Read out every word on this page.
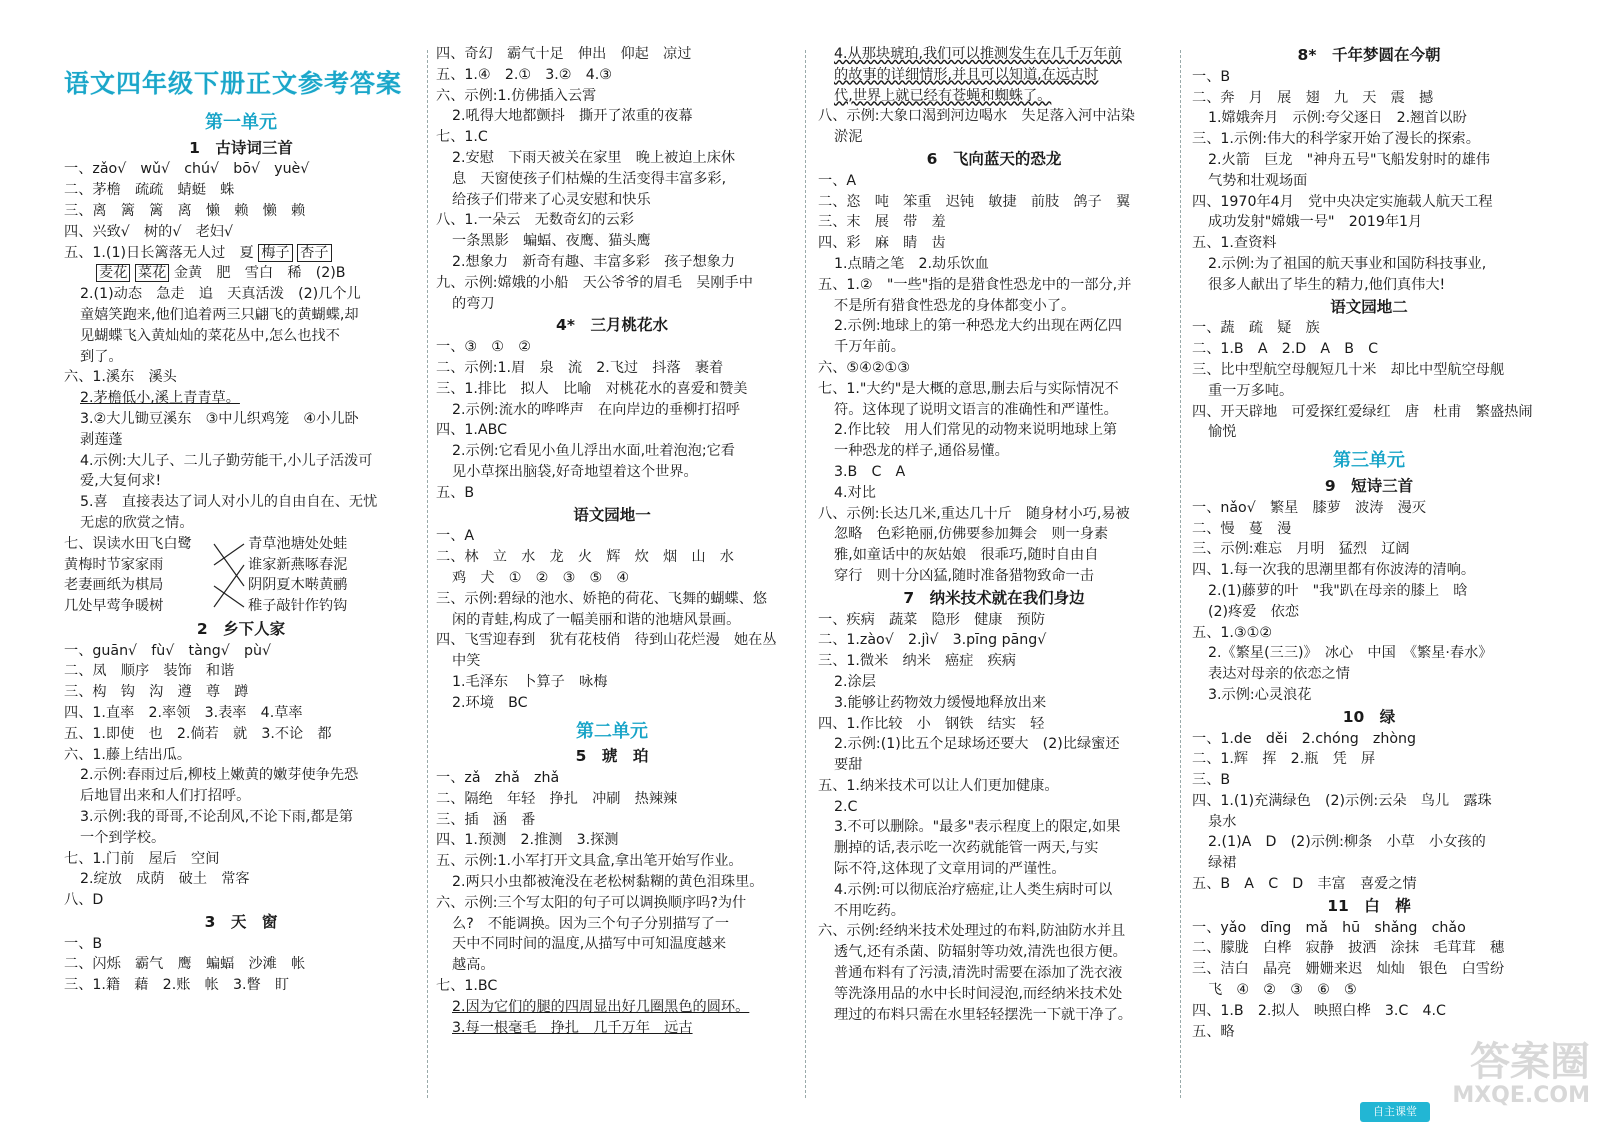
语文四年级下册正文参考答案
第一单元
1　古诗词三首
一、zǎo√　wǔ√　chú√　bō√　yuè√
二、茅檐　疏疏　蜻蜓　蛛
三、离　篱　篱　离　懒　赖　懒　赖
四、兴致√　树的√　老妇√
五、1.(1)日长篱落无人过　夏 梅子 杏子
麦花 菜花 金黄　肥　雪白　稀　(2)B
2.(1)动态　急走　追　天真活泼　(2)几个儿
童嬉笑跑来,他们追着两三只翩飞的黄蝴蝶,却
见蝴蝶飞入黄灿灿的菜花丛中,怎么也找不
到了。
六、1.溪东　溪头
2.茅檐低小,溪上青青草。
3.②大儿锄豆溪东　③中儿织鸡笼　④小儿卧
剥莲蓬
4.示例:大儿子、二儿子勤劳能干,小儿子活泼可
爱,大复何求!
5.喜　直接表达了词人对小儿的自由自在、无忧
无虑的欣赏之情。
七、误读水田飞白鹭
黄梅时节家家雨
老妻画纸为棋局
几处早莺争暖树
青草池塘处处蛙
谁家新燕啄春泥
阴阴夏木啭黄鹂
稚子敲针作钓钩
2　乡下人家
一、guān√　fù√　tàng√　pù√
二、凤　顺序　装饰　和谐
三、构　钩　沟　遵　尊　蹲
四、1.直率　2.率领　3.表率　4.草率
五、1.即使　也　2.倘若　就　3.不论　都
六、1.藤上结出瓜。
2.示例:春雨过后,柳枝上嫩黄的嫩芽使争先恐
后地冒出来和人们打招呼。
3.示例:我的哥哥,不论刮风,不论下雨,都是第
一个到学校。
七、1.门前　屋后　空间
2.绽放　成荫　破土　常客
八、D
3　天　窗
一、B
二、闪烁　霸气　鹰　蝙蝠　沙滩　帐
三、1.籍　藉　2.账　帐　3.瞥　盯
四、奇幻　霸气十足　伸出　仰起　凉过
五、1.④　2.①　3.②　4.③
六、示例:1.仿佛插入云霄
2.吼得大地都颤抖　撕开了浓重的夜幕
七、1.C
2.安慰　下雨天被关在家里　晚上被迫上床休
息　天窗使孩子们枯燥的生活变得丰富多彩,
给孩子们带来了心灵安慰和快乐
八、1.一朵云　无数奇幻的云彩
一条黑影　蝙蝠、夜鹰、猫头鹰
2.想象力　新奇有趣、丰富多彩　孩子想象力
九、示例:嫦娥的小船　天公爷爷的眉毛　吴刚手中
的弯刀
4*　三月桃花水
一、③　①　②
二、示例:1.眉　泉　流　2.飞过　抖落　裹着
三、1.排比　拟人　比喻　对桃花水的喜爱和赞美
2.示例:流水的哗哗声　在向岸边的垂柳打招呼
四、1.ABC
2.示例:它看见小鱼儿浮出水面,吐着泡泡;它看
见小草探出脑袋,好奇地望着这个世界。
五、B
语文园地一
一、A
二、林　立　水　龙　火　辉　炊　烟　山　水
鸡　犬　①　②　③　⑤　④
三、示例:碧绿的池水、娇艳的荷花、飞舞的蝴蝶、悠
闲的青蛙,构成了一幅美丽和谐的池塘风景画。
四、飞雪迎春到　犹有花枝俏　待到山花烂漫　她在丛
中笑
1.毛泽东　卜算子　咏梅
2.环境　BC
第二单元
5　琥　珀
一、zǎ　zhǎ　zhǎ
二、隔绝　年轻　挣扎　冲刷　热辣辣
三、插　涵　番
四、1.预测　2.推测　3.探测
五、示例:1.小军打开文具盒,拿出笔开始写作业。
2.两只小虫都被淹没在老松树黏糊的黄色泪珠里。
六、示例:三个写太阳的句子可以调换顺序吗?为什
么?　不能调换。因为三个句子分别描写了一
天中不同时间的温度,从描写中可知温度越来
越高。
七、1.BC
2.因为它们的腿的四周显出好几圈黑色的圆环。
3.每一根毫毛　挣扎　几千万年　远古
4.从那块琥珀,我们可以推测发生在几千万年前
的故事的详细情形,并且可以知道,在远古时
代,世界上就已经有苍蝇和蜘蛛了。
八、示例:大象口渴到河边喝水　失足落入河中沾染
淤泥
6　飞向蓝天的恐龙
一、A
二、恣　吨　笨重　迟钝　敏捷　前肢　鸽子　翼
三、末　展　带　羞
四、彩　麻　睛　齿
1.点睛之笔　2.劫乐饮血
五、1.②　"一些"指的是猎食性恐龙中的一部分,并
不是所有猎食性恐龙的身体都变小了。
2.示例:地球上的第一种恐龙大约出现在两亿四
千万年前。
六、⑤④②①③
七、1."大约"是大概的意思,删去后与实际情况不
符。这体现了说明文语言的准确性和严谨性。
2.作比较　用人们常见的动物来说明地球上第
一种恐龙的样子,通俗易懂。
3.B　C　A
4.对比
八、示例:长达几米,重达几十斤　随身材小巧,易被
忽略　色彩艳丽,仿佛要参加舞会　则一身素
雅,如童话中的灰姑娘　很乖巧,随时自由自
穿行　则十分凶猛,随时准备猎物致命一击
7　纳米技术就在我们身边
一、疾病　蔬菜　隐形　健康　预防
二、1.zào√　2.jì√　3.pīng pāng√
三、1.微米　纳米　癌症　疾病
2.涂层
3.能够让药物效力缓慢地释放出来
四、1.作比较　小　钢铁　结实　轻
2.示例:(1)比五个足球场还要大　(2)比绿蜜还
要甜
五、1.纳米技术可以让人们更加健康。
2.C
3.不可以删除。"最多"表示程度上的限定,如果
删掉的话,表示吃一次药就能管一两天,与实
际不符,这体现了文章用词的严谨性。
4.示例:可以彻底治疗癌症,让人类生病时可以
不用吃药。
六、示例:经纳米技术处理过的布料,防油防水并且
透气,还有杀菌、防辐射等功效,清洗也很方便。
普通布料有了污渍,清洗时需要在添加了洗衣液
等洗涤用品的水中长时间浸泡,而经纳米技术处
理过的布料只需在水里轻轻摆洗一下就干净了。
8*　千年梦圆在今朝
一、B
二、奔　月　展　翅　九　天　震　撼
1.嫦娥奔月　示例:夸父逐日　2.翘首以盼
三、1.示例:伟大的科学家开始了漫长的探索。
2.火箭　巨龙　"神舟五号"飞船发射时的雄伟
气势和壮观场面
四、1970年4月　党中央决定实施载人航天工程
成功发射"嫦娥一号"　2019年1月
五、1.查资料
2.示例:为了祖国的航天事业和国防科技事业,
很多人献出了毕生的精力,他们真伟大!
语文园地二
一、蔬　疏　疑　族
二、1.B　A　2.D　A　B　C
三、比中型航空母舰短几十米　却比中型航空母舰
重一万多吨。
四、开天辟地　可爱探红爱绿红　唐　杜甫　繁盛热闹
愉悦
第三单元
9　短诗三首
一、nǎo√　繁星　膝萝　波涛　漫灭
二、慢　蔓　漫
三、示例:难忘　月明　猛烈　辽阔
四、1.每一次我的思潮里都有你波涛的清响。
2.(1)藤萝的叶　"我"趴在母亲的膝上　晗
(2)疼爱　依恋
五、1.③①②
2.《繁星(三三)》　冰心　中国　《繁星·春水》
表达对母亲的依恋之情
3.示例:心灵浪花
10　绿
一、1.de　děi　2.chóng　zhòng
二、1.辉　挥　2.瓶　凭　屏
三、B
四、1.(1)充满绿色　(2)示例:云朵　鸟儿　露珠
泉水
2.(1)A　D　(2)示例:柳条　小草　小女孩的
绿裙
五、B　A　C　D　丰富　喜爱之情
11　白　桦
一、yǎo　dīng　mǎ　hū　shǎng　chǎo
二、朦胧　白桦　寂静　披洒　涂抹　毛茸茸　穗
三、洁白　晶亮　姗姗来迟　灿灿　银色　白雪纷
飞　④　②　③　⑥　⑤
四、1.B　2.拟人　映照白桦　3.C　4.C
五、略
自主课堂
答案圈
MXQE.COM
